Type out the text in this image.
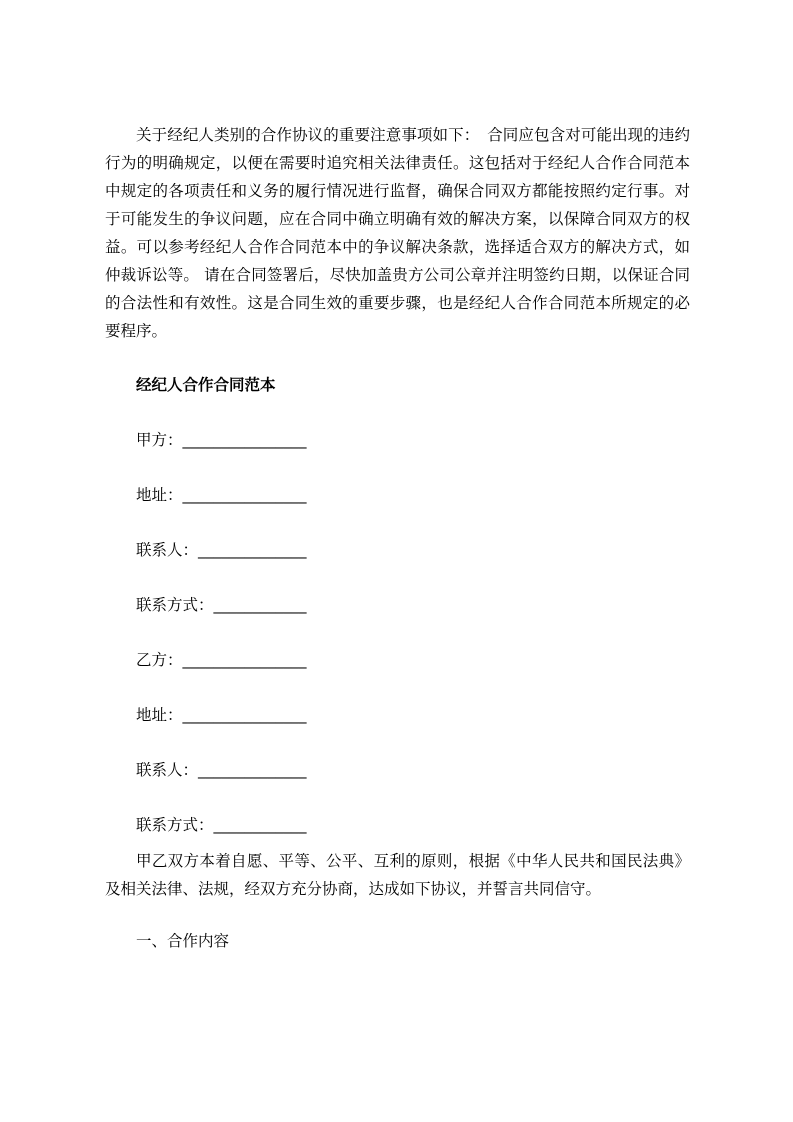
关于经纪人类别的合作协议的重要注意事项如下：　合同应包含对可能出现的违约行为的明确规定，以便在需要时追究相关法律责任。这包括对于经纪人合作合同范本中规定的各项责任和义务的履行情况进行监督，确保合同双方都能按照约定行事。对于可能发生的争议问题，应在合同中确立明确有效的解决方案，以保障合同双方的权益。可以参考经纪人合作合同范本中的争议解决条款，选择适合双方的解决方式，如仲裁诉讼等。 请在合同签署后，尽快加盖贵方公司公章并注明签约日期，以保证合同的合法性和有效性。这是合同生效的重要步骤，也是经纪人合作合同范本所规定的必要程序。

经纪人合作合同范本

甲方：________________

地址：________________

联系人：______________

联系方式：____________

乙方：________________

地址：________________

联系人：______________

联系方式：____________

甲乙双方本着自愿、平等、公平、互利的原则，根据《中华人民共和国民法典》及相关法律、法规，经双方充分协商，达成如下协议，并誓言共同信守。

一、合作内容
